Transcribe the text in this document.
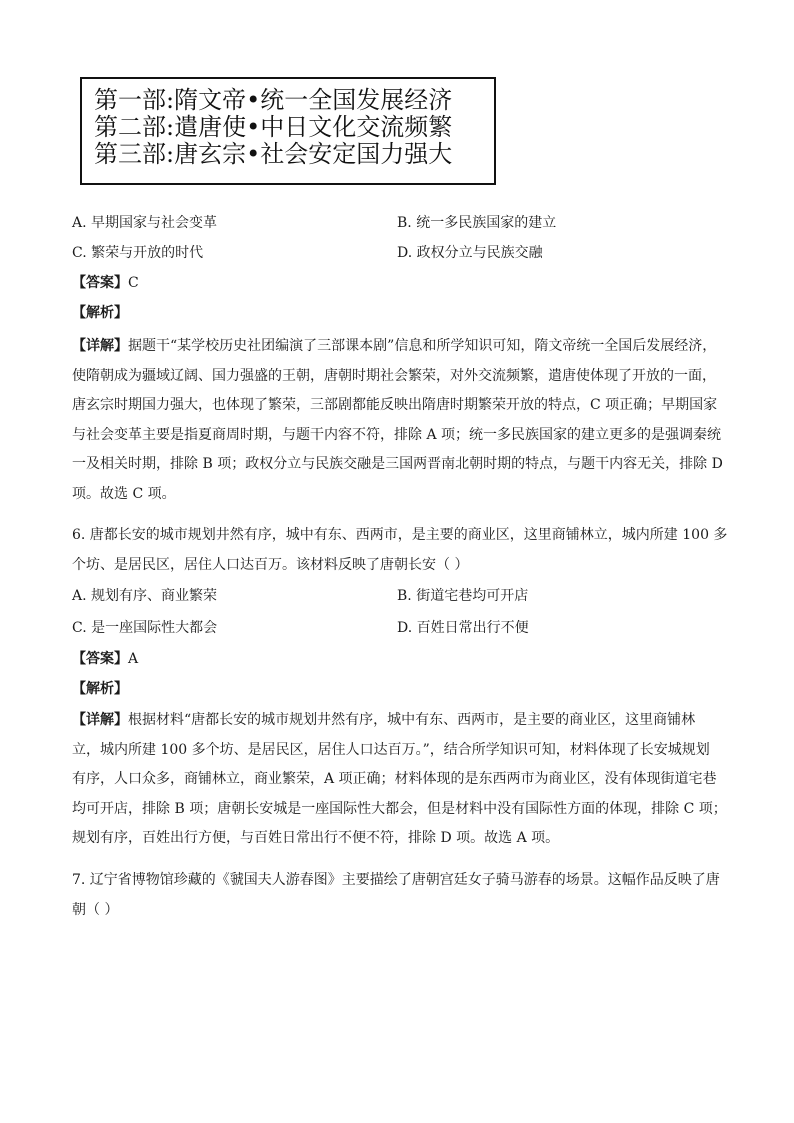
第一部:隋文帝•统一全国发展经济
第二部:遣唐使•中日文化交流频繁
第三部:唐玄宗•社会安定国力强大
A. 早期国家与社会变革	B. 统一多民族国家的建立
C. 繁荣与开放的时代	D. 政权分立与民族交融
【答案】C
【解析】
【详解】据题干“某学校历史社团编演了三部课本剧”信息和所学知识可知，隋文帝统一全国后发展经济，
使隋朝成为疆域辽阔、国力强盛的王朝，唐朝时期社会繁荣，对外交流频繁，遣唐使体现了开放的一面，
唐玄宗时期国力强大，也体现了繁荣，三部剧都能反映出隋唐时期繁荣开放的特点，C 项正确；早期国家
与社会变革主要是指夏商周时期，与题干内容不符，排除 A 项；统一多民族国家的建立更多的是强调秦统
一及相关时期，排除 B 项；政权分立与民族交融是三国两晋南北朝时期的特点，与题干内容无关，排除 D
项。故选 C 项。
6. 唐都长安的城市规划井然有序，城中有东、西两市，是主要的商业区，这里商铺林立，城内所建 100 多
个坊、是居民区，居住人口达百万。该材料反映了唐朝长安（ ）
A. 规划有序、商业繁荣	B. 街道宅巷均可开店
C. 是一座国际性大都会	D. 百姓日常出行不便
【答案】A
【解析】
【详解】根据材料“唐都长安的城市规划井然有序，城中有东、西两市，是主要的商业区，这里商铺林
立，城内所建 100 多个坊、是居民区，居住人口达百万。”，结合所学知识可知，材料体现了长安城规划
有序，人口众多，商铺林立，商业繁荣，A 项正确；材料体现的是东西两市为商业区，没有体现街道宅巷
均可开店，排除 B 项；唐朝长安城是一座国际性大都会，但是材料中没有国际性方面的体现，排除 C 项；
规划有序，百姓出行方便，与百姓日常出行不便不符，排除 D 项。故选 A 项。
7. 辽宁省博物馆珍藏的《虢国夫人游春图》主要描绘了唐朝宫廷女子骑马游春的场景。这幅作品反映了唐
朝（ ）
